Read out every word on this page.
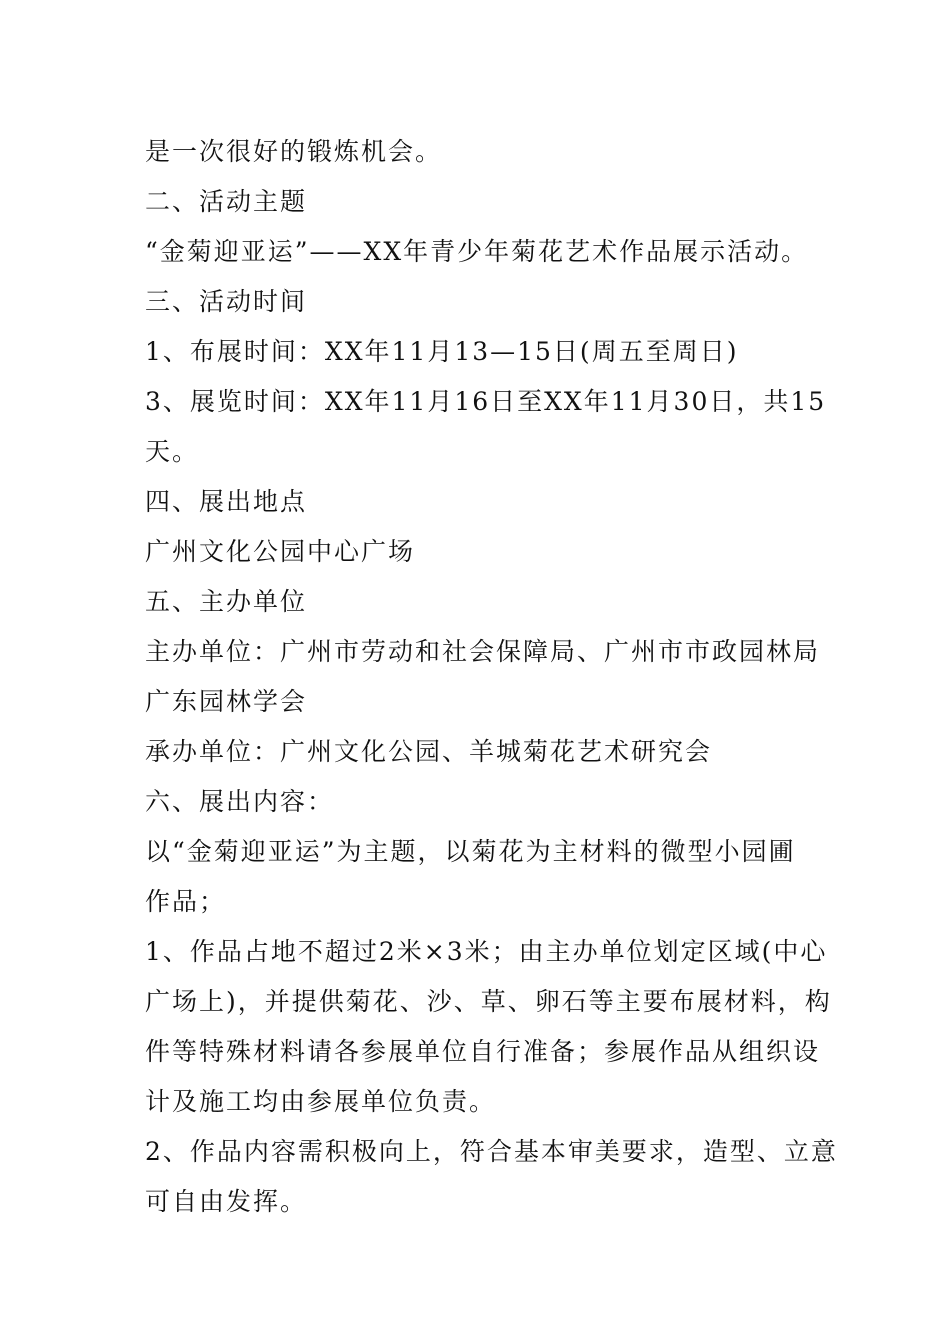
是一次很好的锻炼机会。
二、活动主题
“金菊迎亚运”——XX年青少年菊花艺术作品展示活动。
三、活动时间
1、布展时间：XX年11月13—15日(周五至周日)
3、展览时间：XX年11月16日至XX年11月30日，共15
天。
四、展出地点
广州文化公园中心广场
五、主办单位
主办单位：广州市劳动和社会保障局、广州市市政园林局
广东园林学会
承办单位：广州文化公园、羊城菊花艺术研究会
六、展出内容：
以“金菊迎亚运”为主题，以菊花为主材料的微型小园圃
作品；
1、作品占地不超过2米×3米；由主办单位划定区域(中心
广场上)，并提供菊花、沙、草、卵石等主要布展材料，构
件等特殊材料请各参展单位自行准备；参展作品从组织设
计及施工均由参展单位负责。
2、作品内容需积极向上，符合基本审美要求，造型、立意
可自由发挥。
